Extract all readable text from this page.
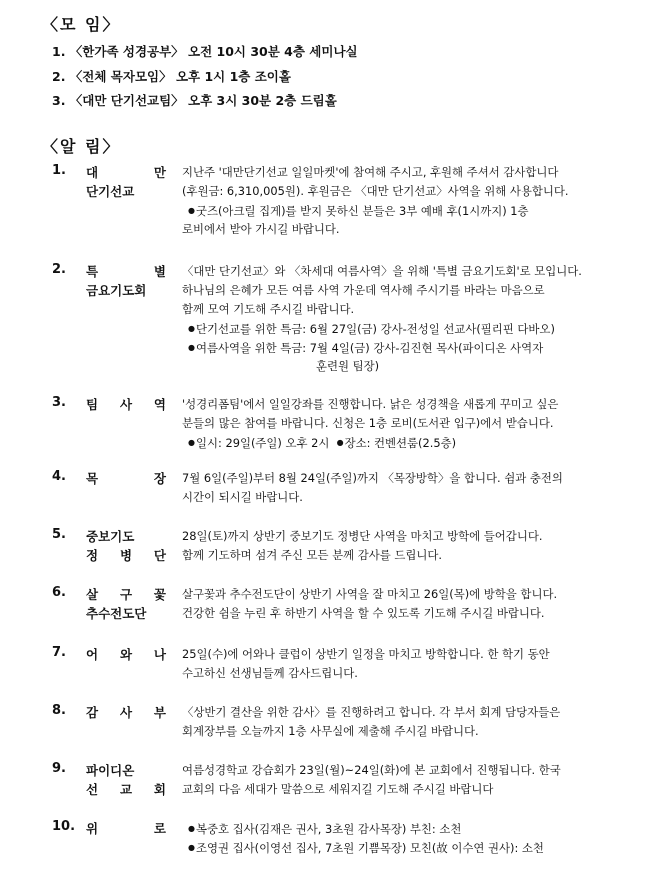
〈모 임〉
1. 〈한가족 성경공부〉 오전 10시 30분 4층 세미나실
2. 〈전체 목자모임〉 오후 1시 1층 조이홀
3. 〈대만 단기선교팀〉 오후 3시 30분 2층 드림홀
〈알 림〉
1.	대　　　만
단기선교
지난주 '대만단기선교 일일마켓'에 참여해 주시고, 후원해 주셔서 감사합니다
(후원금: 6,310,005원). 후원금은 〈대만 단기선교〉사역을 위해 사용합니다.
● 굿즈(아크릴 집게)를 받지 못하신 분들은 3부 예배 후(1시까지) 1층
로비에서 받아 가시길 바랍니다.
2.	특　　　별
금요기도회
〈대만 단기선교〉와 〈차세대 여름사역〉을 위해 '특별 금요기도회'로 모입니다.
하나님의 은혜가 모든 여름 사역 가운데 역사해 주시기를 바라는 마음으로
함께 모여 기도해 주시길 바랍니다.
● 단기선교를 위한 특금: 6월 27일(금) 강사-전성일 선교사(필리핀 다바오)
● 여름사역을 위한 특금: 7월 4일(금) 강사-김진현 목사(파이디온 사역자
훈련원 팀장)
3.	팀　사　역 '성경리폼팀'에서 일일강좌를 진행합니다. 낡은 성경책을 새롭게 꾸미고 싶은
분들의 많은 참여를 바랍니다. 신청은 1층 로비(도서관 입구)에서 받습니다.
● 일시: 29일(주일) 오후 2시 ● 장소: 컨벤션룸(2.5층)
4.	목　　　장 7월 6일(주일)부터 8월 24일(주일)까지 〈목장방학〉을 합니다. 쉼과 충전의
시간이 되시길 바랍니다.
5.	중보기도
정　병　단
28일(토)까지 상반기 중보기도 정병단 사역을 마치고 방학에 들어갑니다.
함께 기도하며 섬겨 주신 모든 분께 감사를 드립니다.
6.	살　구　꽃
추수전도단
살구꽃과 추수전도단이 상반기 사역을 잘 마치고 26일(목)에 방학을 합니다.
건강한 쉼을 누린 후 하반기 사역을 할 수 있도록 기도해 주시길 바랍니다.
7.	어　와　나 25일(수)에 어와나 클럽이 상반기 일정을 마치고 방학합니다. 한 학기 동안
수고하신 선생님들께 감사드립니다.
8.	감　사　부 〈상반기 결산을 위한 감사〉를 진행하려고 합니다. 각 부서 회계 담당자들은
회계장부를 오늘까지 1층 사무실에 제출해 주시길 바랍니다.
9.	파이디온
선　교　회
여름성경학교 강습회가 23일(월)~24일(화)에 본 교회에서 진행됩니다. 한국
교회의 다음 세대가 말씀으로 세워지길 기도해 주시길 바랍니다
10. 위　　　로 ●	복중호 집사(김재은 권사, 3초원 감사목장) 부친: 소천
● 조영권 집사(이영선 집사, 7초원 기쁨목장) 모친(故 이수연 권사): 소천
